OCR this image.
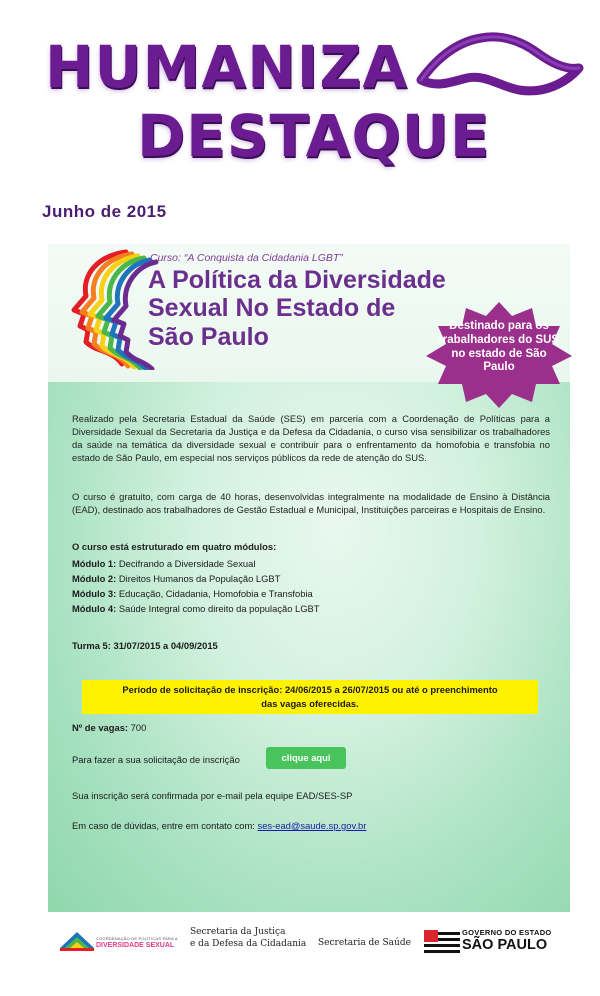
HUMANIZA
DESTAQUE
Junho de 2015
Curso: “A Conquista da Cidadania LGBT”
A Política da Diversidade
Sexual No Estado de
São Paulo	Destinado para os
trabalhadores do SUS
no estado de São
Paulo
Realizado pela Secretaria Estadual da Saúde (SES) em parceria com a Coordenação de Políticas para a Diversidade Sexual da Secretaria da Justiça e da Defesa da Cidadania, o curso visa sensibilizar os trabalhadores da saúde na temática da diversidade sexual e contribuir para o enfrentamento da homofobia e transfobia no estado de São Paulo, em especial nos serviços públicos da rede de atenção do SUS.
O curso é gratuito, com carga de 40 horas, desenvolvidas integralmente na modalidade de Ensino à Distância (EAD), destinado aos trabalhadores de Gestão Estadual e Municipal, Instituições parceiras e Hospitais de Ensino.
O curso está estruturado em quatro módulos:
Módulo 1: Decifrando a Diversidade Sexual
Módulo 2: Direitos Humanos da População LGBT
Módulo 3: Educação, Cidadania, Homofobia e Transfobia
Módulo 4: Saúde Integral como direito da população LGBT
Turma 5: 31/07/2015 a 04/09/2015
Período de solicitação de inscrição: 24/06/2015 a 26/07/2015 ou até o preenchimento
das vagas oferecidas.
Nº de vagas: 700
Para fazer a sua solicitação de inscrição	clique aqui
Sua inscrição será confirmada por e-mail pela equipe EAD/SES-SP
Em caso de dúvidas, entre em contato com: ses-ead@saude.sp.gov.br
COORDENAÇÃO DE POLÍTICAS PARA A
DIVERSIDADE SEXUAL
Secretaria da Justiça
e da Defesa da Cidadania Secretaria de Saúde
GOVERNO DO ESTADO
SÃO PAULO
